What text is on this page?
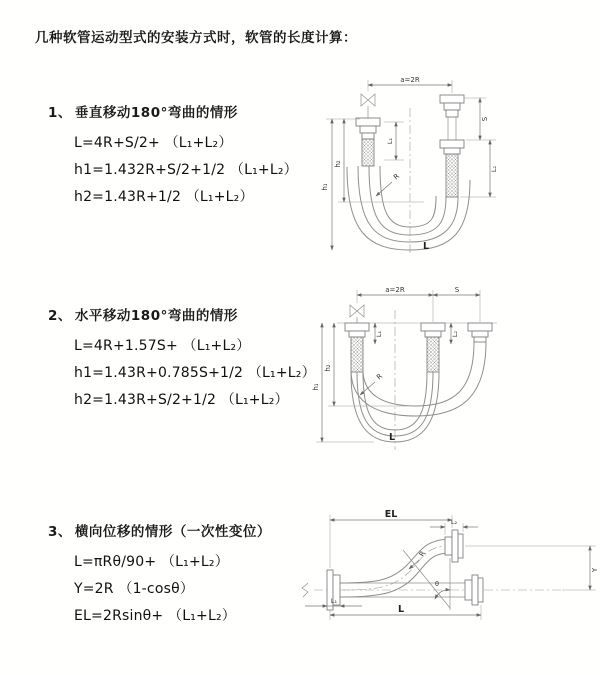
几种软管运动型式的安装方式时，软管的长度计算：
1、 垂直移动180°弯曲的情形
L=4R+S/2+ （L₁+L₂）
h1=1.432R+S/2+1/2 （L₁+L₂）
h2=1.43R+1/2 （L₁+L₂）
a=2R
h₁
h₂
L₁
S
L₂
R
L
2、 水平移动180°弯曲的情形
L=4R+1.57S+ （L₁+L₂）
h1=1.43R+0.785S+1/2 （L₁+L₂）
h2=1.43R+S/2+1/2 （L₁+L₂）
a=2R	S
h₁
h₂
L₁	L₂
R
L
3、 横向位移的情形（一次性变位）
L=πRθ/90+ （L₁+L₂）
Y=2R （1-cosθ）
EL=2Rsinθ+ （L₁+L₂）
EL
L₂
Y
θ
R
L
L₁
